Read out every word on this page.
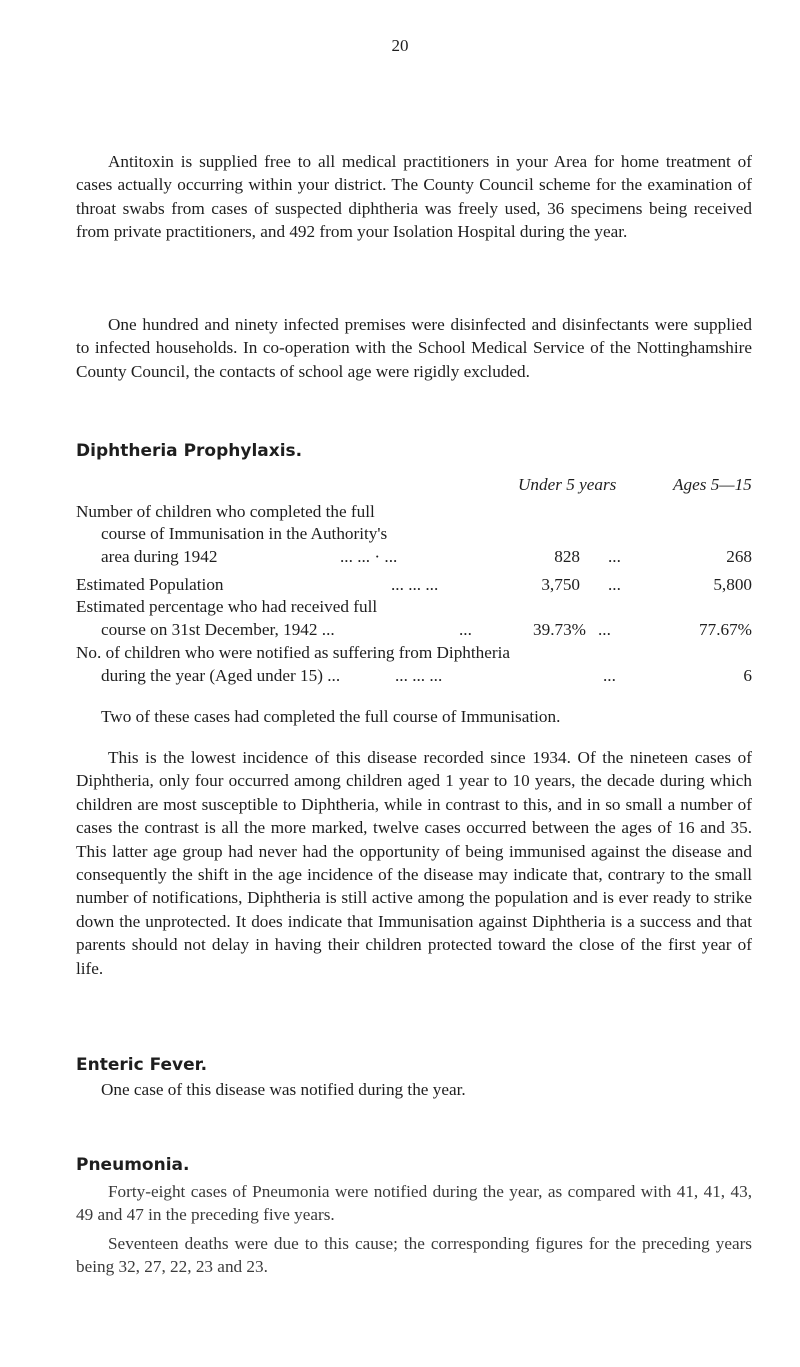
20

Antitoxin is supplied free to all medical practitioners in your Area for home treatment of cases actually occurring within your district. The County Council scheme for the examination of throat swabs from cases of suspected diphtheria was freely used, 36 specimens being received from private practitioners, and 492 from your Isolation Hospital during the year.

One hundred and ninety infected premises were disinfected and disinfectants were supplied to infected households. In co-operation with the School Medical Service of the Nottinghamshire County Council, the contacts of school age were rigidly excluded.

Diphtheria Prophylaxis.
Under 5 years	Ages 5—15
Number of children who completed the full
course of Immunisation in the Authority's
area during 1942	... ... · ...	828 ...	268
Estimated Population	... ... ...	3,750 ...	5,800
Estimated percentage who had received full
course on 31st December, 1942 ...	...	39.73% ...	77.67%
No. of children who were notified as suffering from Diphtheria
during the year (Aged under 15) ...	... ... ...	...	6
Two of these cases had completed the full course of Immunisation.

This is the lowest incidence of this disease recorded since 1934. Of the nineteen cases of Diphtheria, only four occurred among children aged 1 year to 10 years, the decade during which children are most susceptible to Diphtheria, while in contrast to this, and in so small a number of cases the contrast is all the more marked, twelve cases occurred between the ages of 16 and 35. This latter age group had never had the opportunity of being immunised against the disease and consequently the shift in the age incidence of the disease may indicate that, contrary to the small number of notifications, Diphtheria is still active among the population and is ever ready to strike down the unprotected. It does indicate that Immunisation against Diphtheria is a success and that parents should not delay in having their children protected toward the close of the first year of life.

Enteric Fever.

One case of this disease was notified during the year.

Pneumonia.

Forty-eight cases of Pneumonia were notified during the year, as compared with 41, 41, 43, 49 and 47 in the preceding five years.

Seventeen deaths were due to this cause; the corresponding figures for the preceding years being 32, 27, 22, 23 and 23.
